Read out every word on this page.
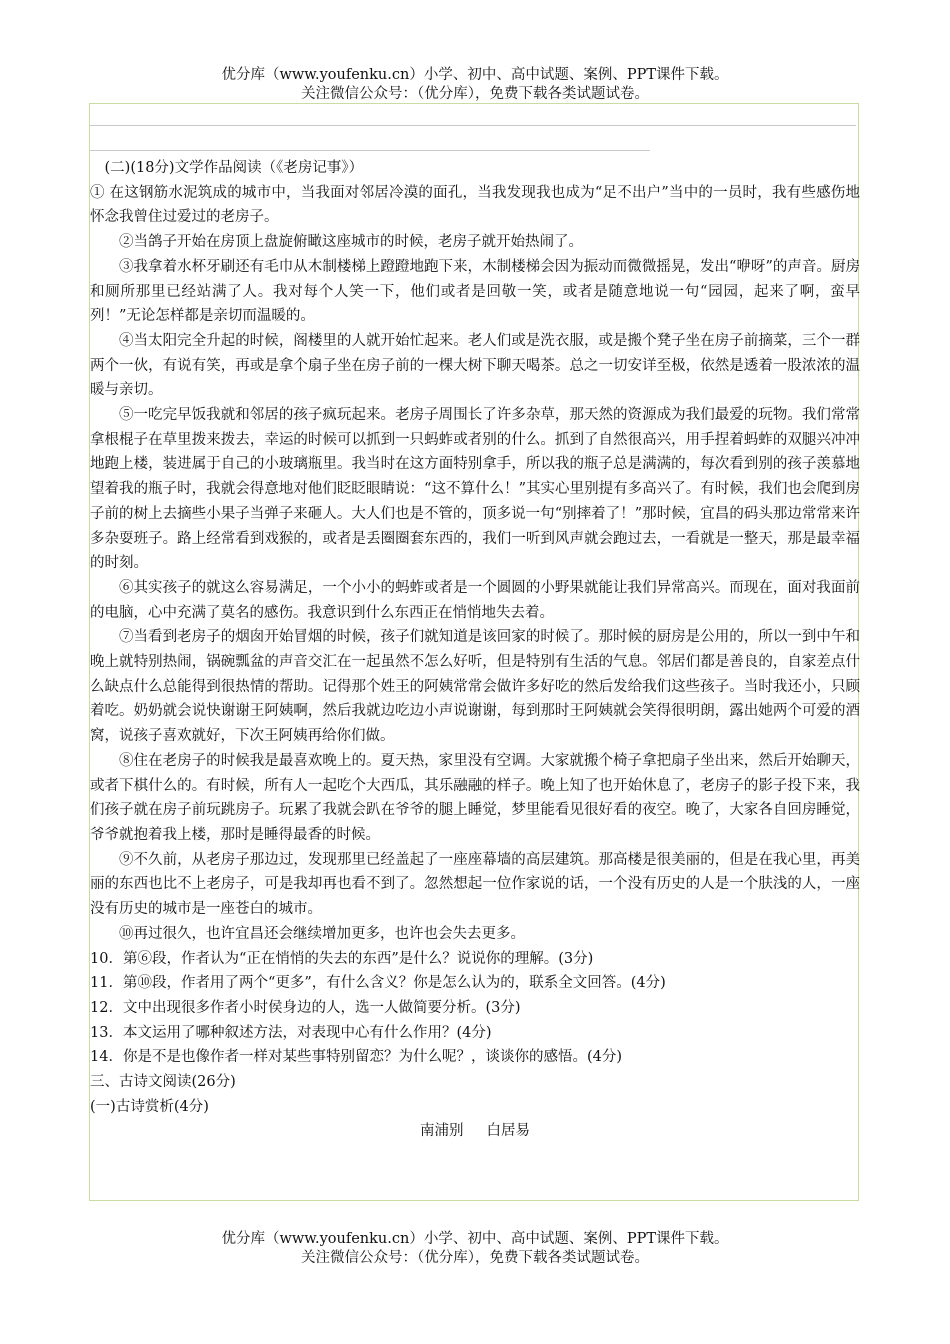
优分库（www.youfenku.cn）小学、初中、高中试题、案例、PPT课件下载。
关注微信公众号：（优分库），免费下载各类试题试卷。

(二)(18分)文学作品阅读（《老房记事》）

① 在这钢筋水泥筑成的城市中，当我面对邻居冷漠的面孔，当我发现我也成为“足不出户”当中的一员时，我有些感伤地怀念我曾住过爱过的老房子。

②当鸽子开始在房顶上盘旋俯瞰这座城市的时候，老房子就开始热闹了。

③我拿着水杯牙刷还有毛巾从木制楼梯上蹬蹬地跑下来，木制楼梯会因为振动而微微摇晃，发出“咿呀”的声音。厨房和厕所那里已经站满了人。我对每个人笑一下，他们或者是回敬一笑，或者是随意地说一句“园园，起来了啊，蛮早列！”无论怎样都是亲切而温暖的。

④当太阳完全升起的时候，阁楼里的人就开始忙起来。老人们或是洗衣服，或是搬个凳子坐在房子前摘菜，三个一群两个一伙，有说有笑，再或是拿个扇子坐在房子前的一棵大树下聊天喝茶。总之一切安详至极，依然是透着一股浓浓的温暖与亲切。

⑤一吃完早饭我就和邻居的孩子疯玩起来。老房子周围长了许多杂草，那天然的资源成为我们最爱的玩物。我们常常拿根棍子在草里拨来拨去，幸运的时候可以抓到一只蚂蚱或者别的什么。抓到了自然很高兴，用手捏着蚂蚱的双腿兴冲冲地跑上楼，装进属于自己的小玻璃瓶里。我当时在这方面特别拿手，所以我的瓶子总是满满的，每次看到别的孩子羡慕地望着我的瓶子时，我就会得意地对他们眨眨眼睛说：“这不算什么！”其实心里别提有多高兴了。有时候，我们也会爬到房子前的树上去摘些小果子当弹子来砸人。大人们也是不管的，顶多说一句“别摔着了！”那时候，宜昌的码头那边常常来许多杂耍班子。路上经常看到戏猴的，或者是丢圈圈套东西的，我们一听到风声就会跑过去，一看就是一整天，那是最幸福的时刻。

⑥其实孩子的就这么容易满足，一个小小的蚂蚱或者是一个圆圆的小野果就能让我们异常高兴。而现在，面对我面前的电脑，心中充满了莫名的感伤。我意识到什么东西正在悄悄地失去着。

⑦当看到老房子的烟囱开始冒烟的时候，孩子们就知道是该回家的时候了。那时候的厨房是公用的，所以一到中午和晚上就特别热闹，锅碗瓢盆的声音交汇在一起虽然不怎么好听，但是特别有生活的气息。邻居们都是善良的，自家差点什么缺点什么总能得到很热情的帮助。记得那个姓王的阿姨常常会做许多好吃的然后发给我们这些孩子。当时我还小，只顾着吃。奶奶就会说快谢谢王阿姨啊，然后我就边吃边小声说谢谢，每到那时王阿姨就会笑得很明朗，露出她两个可爱的酒窝，说孩子喜欢就好，下次王阿姨再给你们做。

⑧住在老房子的时候我是最喜欢晚上的。夏天热，家里没有空调。大家就搬个椅子拿把扇子坐出来，然后开始聊天，或者下棋什么的。有时候，所有人一起吃个大西瓜，其乐融融的样子。晚上知了也开始休息了，老房子的影子投下来，我们孩子就在房子前玩跳房子。玩累了我就会趴在爷爷的腿上睡觉，梦里能看见很好看的夜空。晚了，大家各自回房睡觉，爷爷就抱着我上楼，那时是睡得最香的时候。

⑨不久前，从老房子那边过，发现那里已经盖起了一座座幕墙的高层建筑。那高楼是很美丽的，但是在我心里，再美丽的东西也比不上老房子，可是我却再也看不到了。忽然想起一位作家说的话，一个没有历史的人是一个肤浅的人，一座没有历史的城市是一座苍白的城市。

⑩再过很久，也许宜昌还会继续增加更多，也许也会失去更多。

10．第⑥段，作者认为“正在悄悄的失去的东西”是什么？说说你的理解。(3分)

11．第⑩段，作者用了两个“更多”，有什么含义？你是怎么认为的，联系全文回答。(4分)

12．文中出现很多作者小时侯身边的人，选一人做简要分析。(3分)

13．本文运用了哪种叙述方法，对表现中心有什么作用？(4分)

14．你是不是也像作者一样对某些事特别留恋？为什么呢？，谈谈你的感悟。(4分)

三、古诗文阅读(26分)

(一)古诗赏析(4分)

南浦别 白居易

优分库（www.youfenku.cn）小学、初中、高中试题、案例、PPT课件下载。
关注微信公众号：（优分库），免费下载各类试题试卷。
